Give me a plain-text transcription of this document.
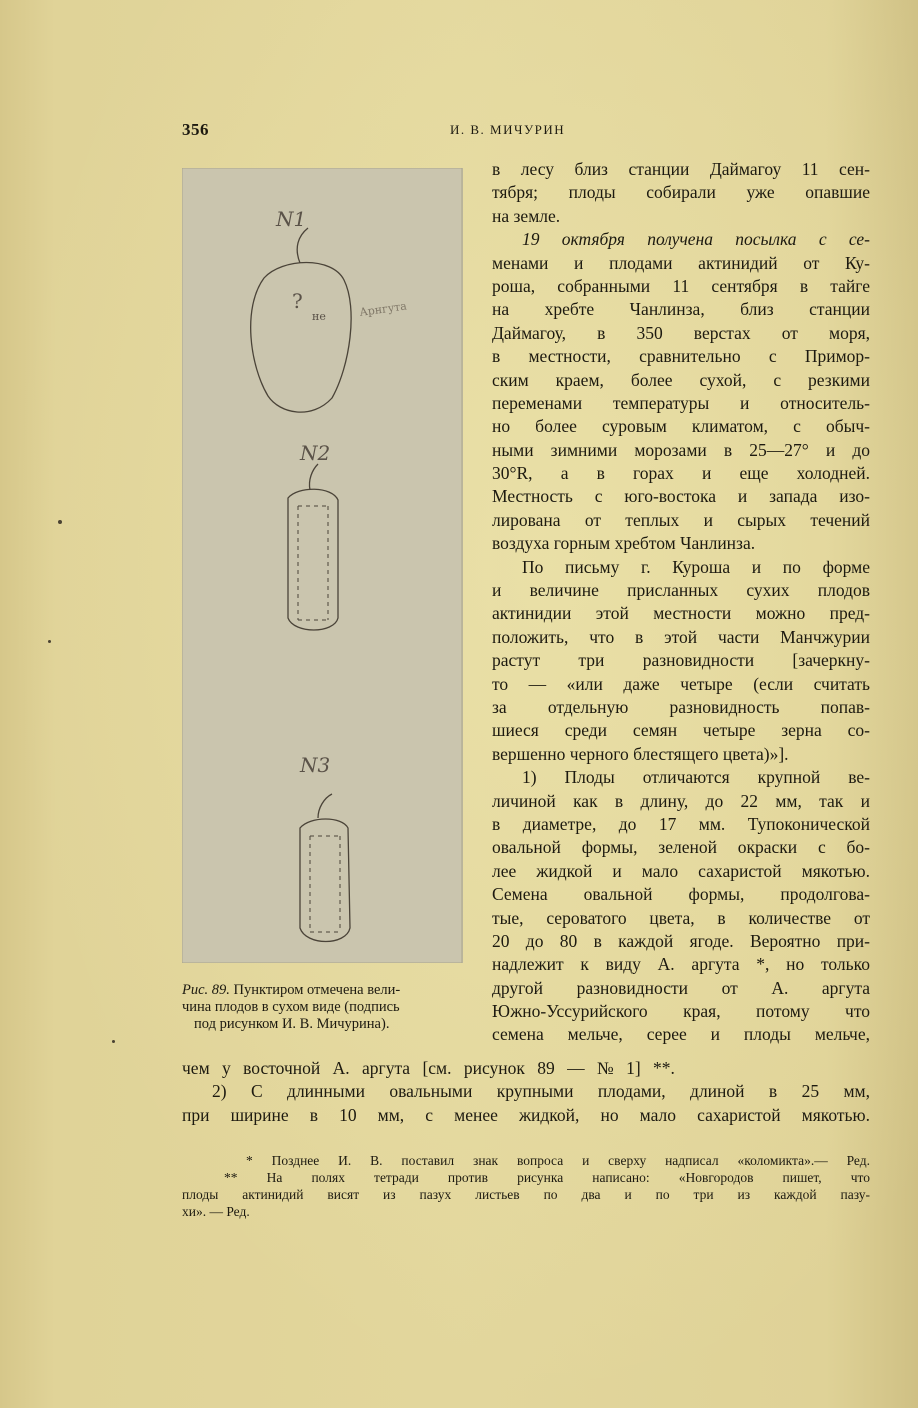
356	И. В. МИЧУРИН
N1
?
не	Арнгута
N2
N3
Рис. 89. Пунктиром отмечена вели-
чина плодов в сухом виде (подпись
под рисунком И. В. Мичурина).
в лесу близ станции Даймагоу 11 сен-
тября; плоды собирали уже опавшие
на земле.
19 октября получена посылка с се-
менами и плодами актинидий от Ку-
роша, собранными 11 сентября в тайге
на хребте Чанлинза, близ станции
Даймагоу, в 350 верстах от моря,
в местности, сравнительно с Примор-
ским краем, более сухой, с резкими
переменами температуры и относитель-
но более суровым климатом, с обыч-
ными зимними морозами в 25—27° и до
30°R, а в горах и еще холодней.
Местность с юго-востока и запада изо-
лирована от теплых и сырых течений
воздуха горным хребтом Чанлинза.
По письму г. Куроша и по форме
и величине присланных сухих плодов
актинидии этой местности можно пред-
положить, что в этой части Манчжурии
растут три разновидности [зачеркну-
то — «или даже четыре (если считать
за отдельную разновидность попав-
шиеся среди семян четыре зерна со-
вершенно черного блестящего цвета)»].
1) Плоды отличаются крупной ве-
личиной как в длину, до 22 мм, так и
в диаметре, до 17 мм. Тупоконической
овальной формы, зеленой окраски с бо-
лее жидкой и мало сахаристой мякотью.
Семена овальной формы, продолгова-
тые, сероватого цвета, в количестве от
20 до 80 в каждой ягоде. Вероятно при-
надлежит к виду А. аргута *, но только
другой разновидности от А. аргута
Южно-Уссурийского края, потому что
семена мельче, серее и плоды мельче,
чем у восточной А. аргута [см. рисунок 89 — № 1] **.
2) С длинными овальными крупными плодами, длиной в 25 мм,
при ширине в 10 мм, с менее жидкой, но мало сахаристой мякотью.
* Позднее И. В. поставил знак вопроса и сверху надписал «коломикта».— Ред.
** На полях тетради против рисунка написано: «Новгородов пишет, что
плоды актинидий висят из пазух листьев по два и по три из каждой пазу-
хи». — Ред.
